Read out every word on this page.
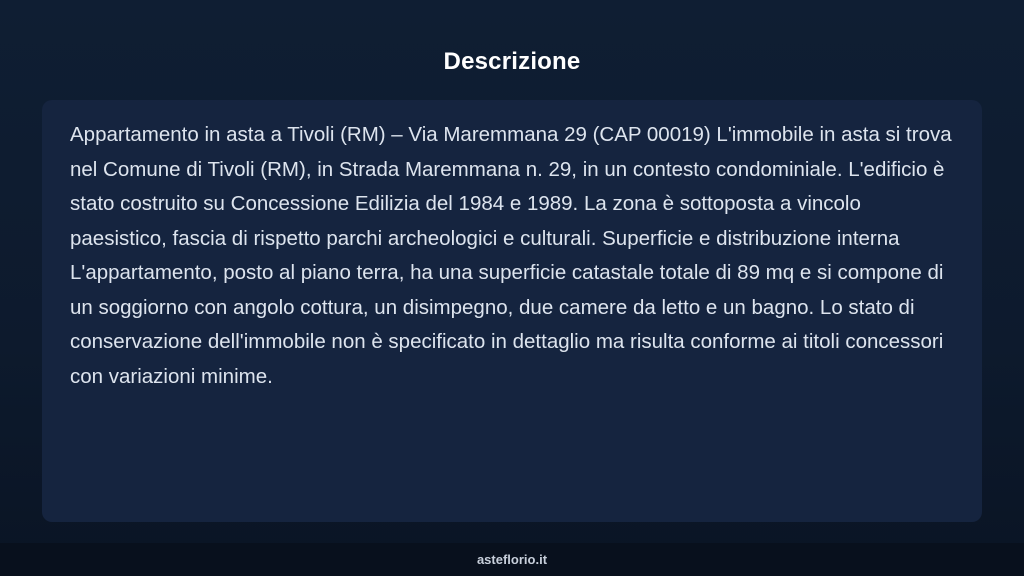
Descrizione

Appartamento in asta a Tivoli (RM) – Via Maremmana 29 (CAP 00019) L'immobile in asta si trova nel Comune di Tivoli (RM), in Strada Maremmana n. 29, in un contesto condominiale. L'edificio è stato costruito su Concessione Edilizia del 1984 e 1989. La zona è sottoposta a vincolo paesistico, fascia di rispetto parchi archeologici e culturali. Superficie e distribuzione interna L'appartamento, posto al piano terra, ha una superficie catastale totale di 89 mq e si compone di un soggiorno con angolo cottura, un disimpegno, due camere da letto e un bagno. Lo stato di conservazione dell'immobile non è specificato in dettaglio ma risulta conforme ai titoli concessori con variazioni minime.

asteflorio.it
